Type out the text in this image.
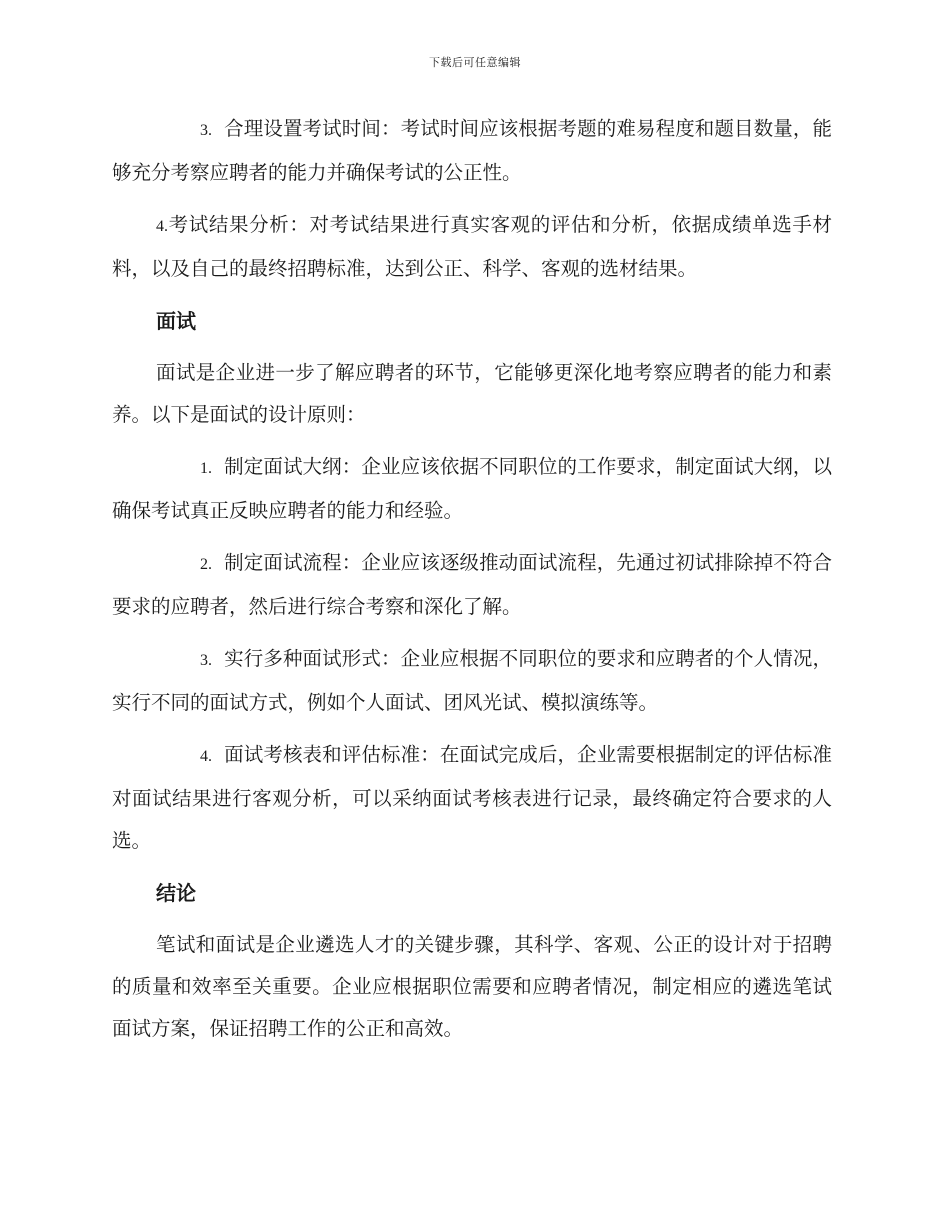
下载后可任意编辑

3. 合理设置考试时间：考试时间应该根据考题的难易程度和题目数量，能够充分考察应聘者的能力并确保考试的公正性。

4.考试结果分析：对考试结果进行真实客观的评估和分析，依据成绩单选手材料，以及自己的最终招聘标准，达到公正、科学、客观的选材结果。

面试

面试是企业进一步了解应聘者的环节，它能够更深化地考察应聘者的能力和素养。以下是面试的设计原则：

1. 制定面试大纲：企业应该依据不同职位的工作要求，制定面试大纲，以确保考试真正反映应聘者的能力和经验。

2. 制定面试流程：企业应该逐级推动面试流程，先通过初试排除掉不符合要求的应聘者，然后进行综合考察和深化了解。

3. 实行多种面试形式：企业应根据不同职位的要求和应聘者的个人情况，实行不同的面试方式，例如个人面试、团风光试、模拟演练等。

4. 面试考核表和评估标准：在面试完成后，企业需要根据制定的评估标准对面试结果进行客观分析，可以采纳面试考核表进行记录，最终确定符合要求的人选。

结论

笔试和面试是企业遴选人才的关键步骤，其科学、客观、公正的设计对于招聘的质量和效率至关重要。企业应根据职位需要和应聘者情况，制定相应的遴选笔试面试方案，保证招聘工作的公正和高效。
